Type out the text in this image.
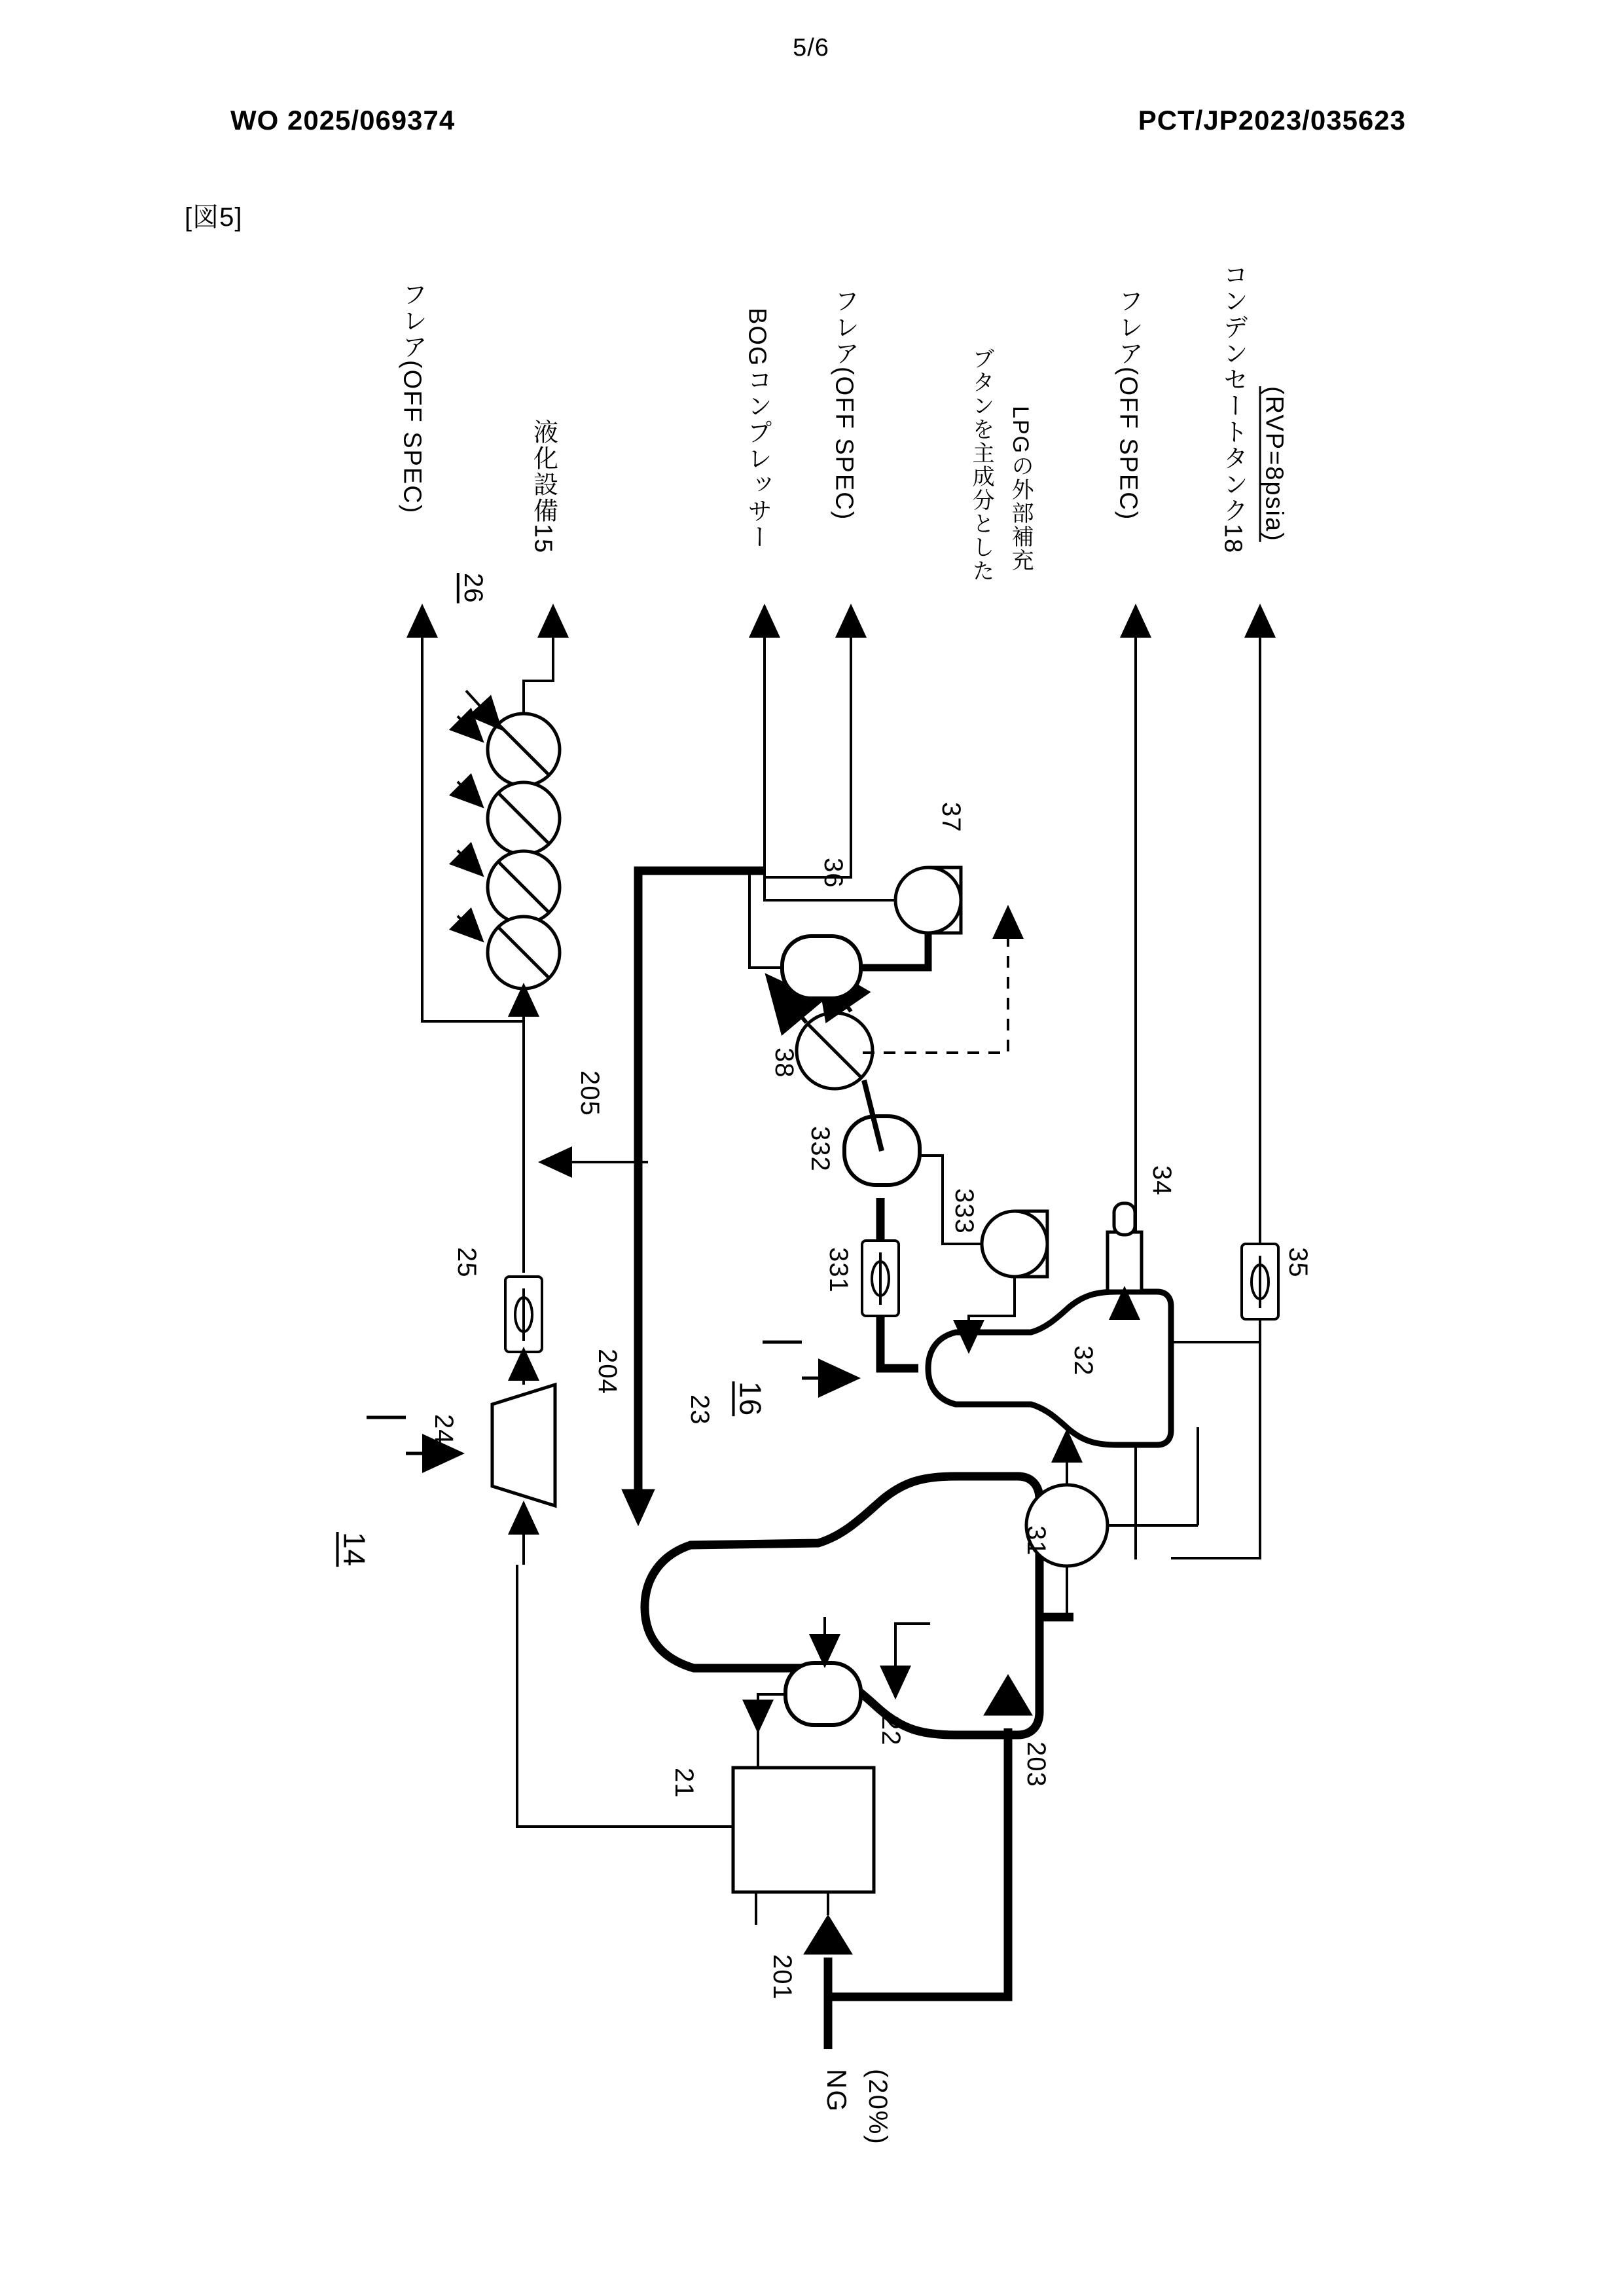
5/6
WO 2025/069374	PCT/JP2023/035623
[図5]
フレア(OFF SPEC)
26
液化設備15	BOGコンプレッサー フレア(OFF SPEC)	ブタンを主成分とした LPGの外部補充	フレア(OFF SPEC)	コンデンセートタンク18 (RVP=8psia)
205
25
24
204
23
14
16
22
21	203
201
NG (20%)
31
32
34
35
331
332
333
38
36
37
